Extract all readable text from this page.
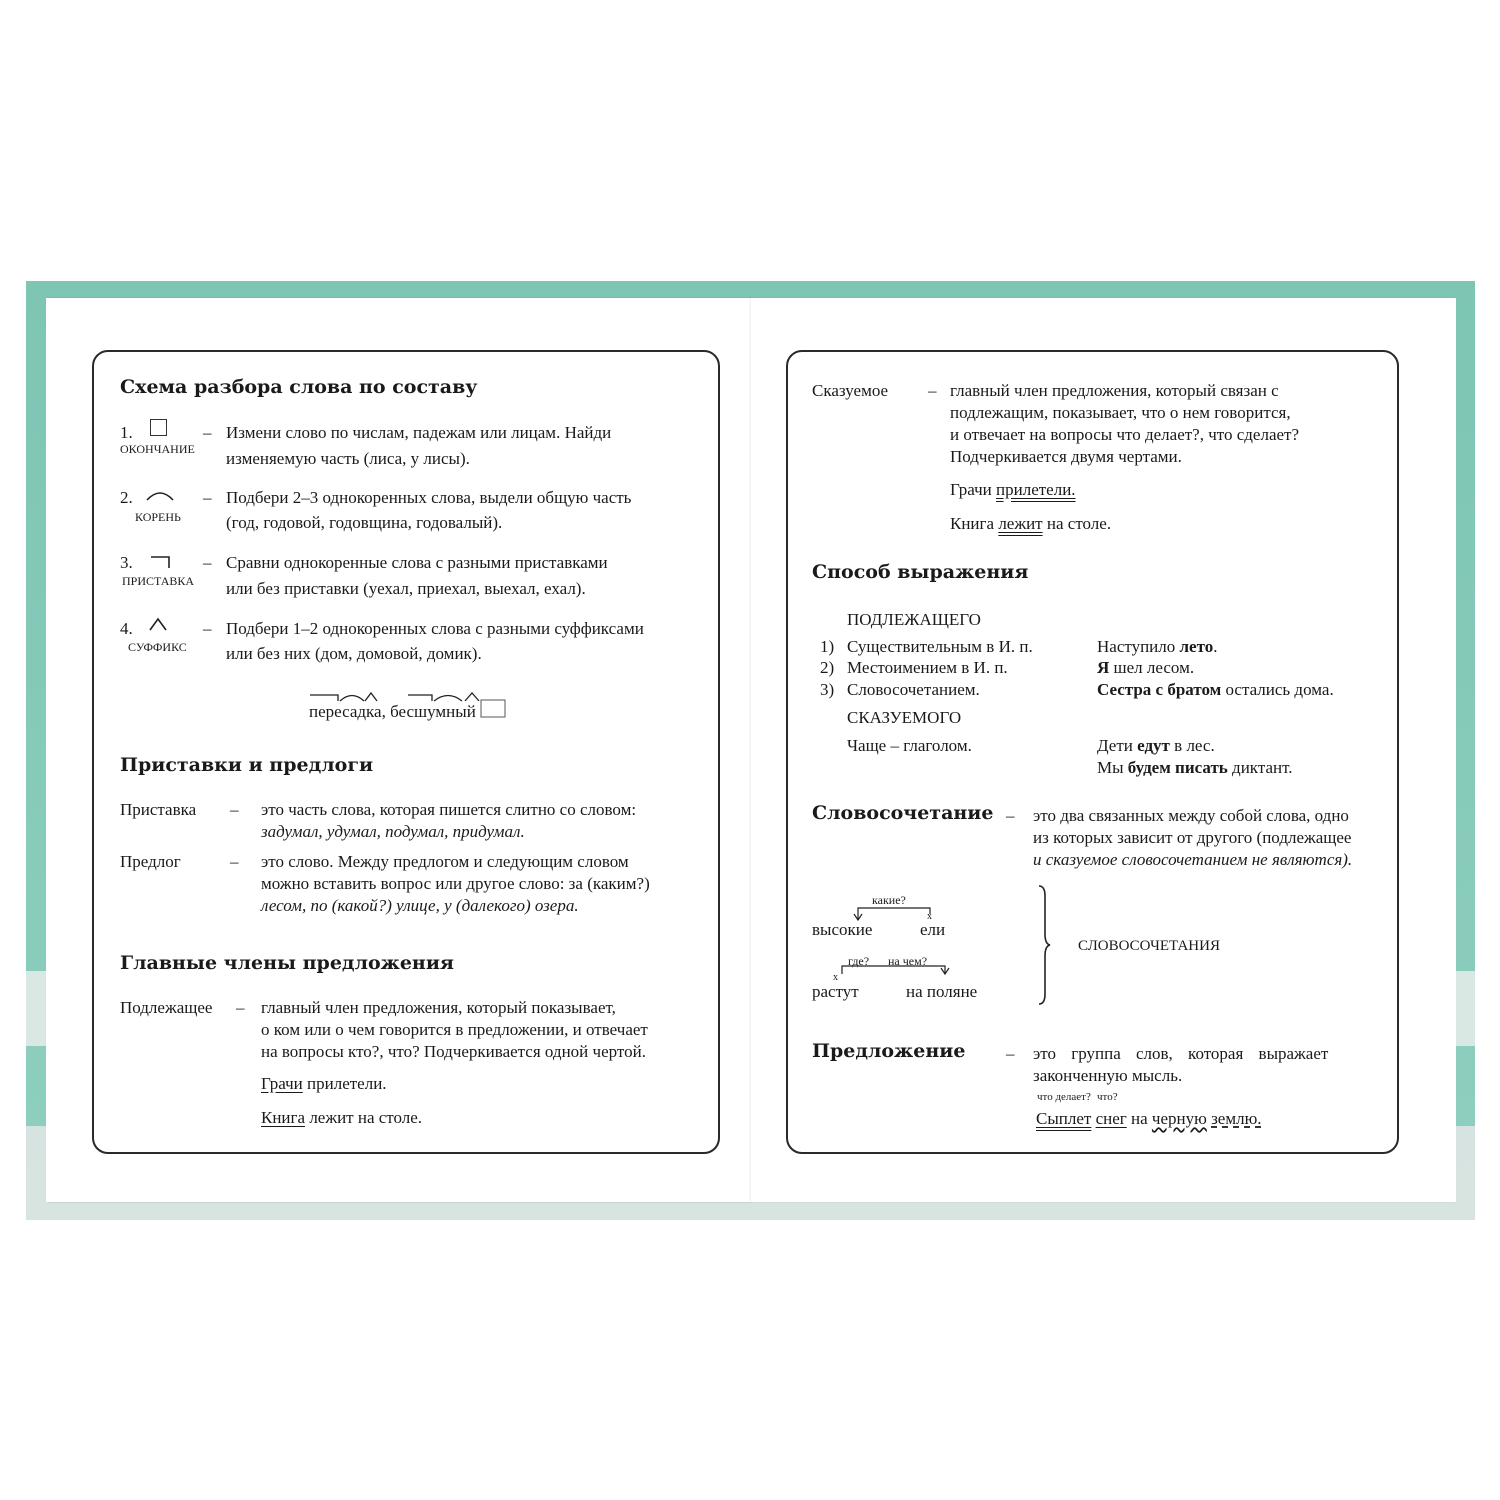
Схема разбора слова по составу
1.
ОКОНЧАНИЕ
– Измени слово по числам, падежам или лицам. Найди
изменяемую часть (лиса, у лисы).
2.
КОРЕНЬ
– Подбери 2–3 однокоренных слова, выдели общую часть
(год, годовой, годовщина, годовалый).
3.
ПРИСТАВКА
– Сравни однокоренные слова с разными приставками
или без приставки (уехал, приехал, выехал, ехал).
4.
СУФФИКС
– Подбери 1–2 однокоренных слова с разными суффиксами
или без них (дом, домовой, домик).
пересадка, бесшумный
Приставки и предлоги
Приставка – это часть слова, которая пишется слитно со словом:
задумал, удумал, подумал, придумал.
Предлог	– это слово. Между предлогом и следующим словом
можно вставить вопрос или другое слово: за (каким?)
лесом, по (какой?) улице, у (далекого) озера.
Главные члены предложения
Подлежащее – главный член предложения, который показывает,
о ком или о чем говорится в предложении, и отвечает
на вопросы кто?, что? Подчеркивается одной чертой.
Грачи прилетели.
Книга лежит на столе.
Сказуемое – главный член предложения, который связан с
подлежащим, показывает, что о нем говорится,
и отвечает на вопросы что делает?, что сделает?
Подчеркивается двумя чертами.
Грачи прилетели.
Книга лежит на столе.
Способ выражения
ПОДЛЕЖАЩЕГО
1) Существительным в И. п.	Наступило лето.
2) Местоимением в И. п.	Я шел лесом.
3) Словосочетанием.	Сестра с братом остались дома.
СКАЗУЕМОГО
Чаще – глаголом.	Дети едут в лес.
Мы будем писать диктант.
Словосочетание – это два связанных между собой слова, одно
из которых зависит от другого (подлежащее
и сказуемое словосочетанием не являются).
какие?
x
высокие	ели
где? на чем?
x
растут	на поляне
СЛОВОСОЧЕТАНИЯ
Предложение – это группа слов, которая выражает
законченную мысль.
что делает? что?
Сыплет снег на черную землю.
